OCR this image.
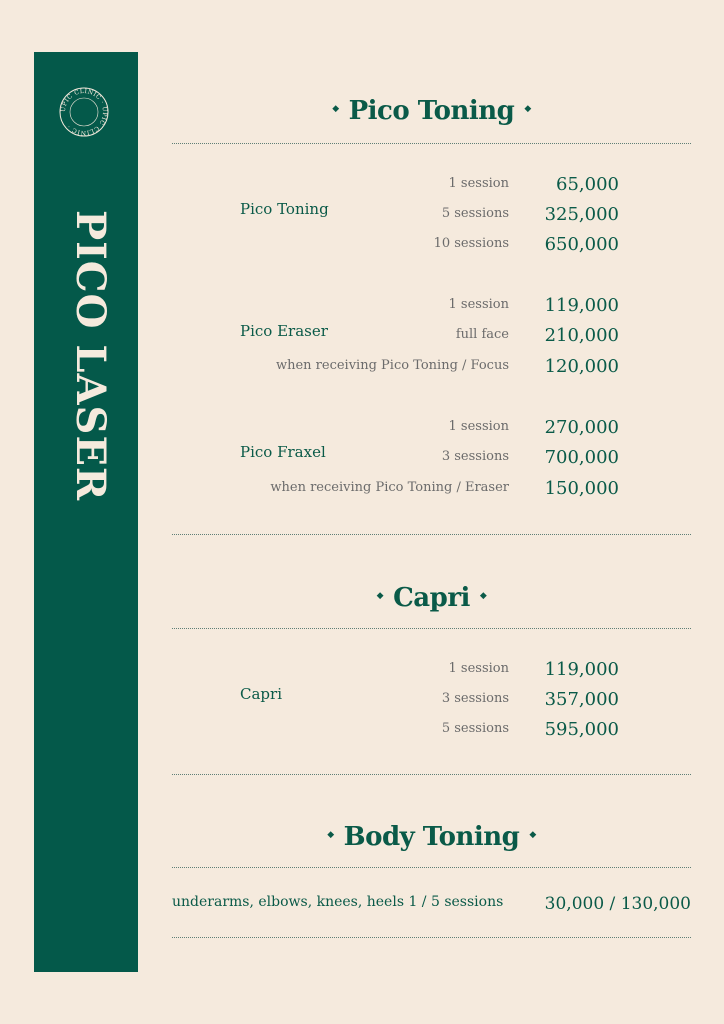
UPIC CLINIC · UPIC CLINIC ·
PICO LASER
◆ Pico Toning ◆
Pico Toning
1 session	65,000
5 sessions 325,000
10 sessions 650,000
Pico Eraser
1 session 119,000
full face 210,000
when receiving Pico Toning / Focus 120,000
Pico Fraxel
1 session 270,000
3 sessions 700,000
when receiving Pico Toning / Eraser 150,000
◆ Capri ◆
Capri
1 session 119,000
3 sessions 357,000
5 sessions 595,000
◆ Body Toning ◆
underarms, elbows, knees, heels 1 / 5 sessions 30,000 / 130,000
